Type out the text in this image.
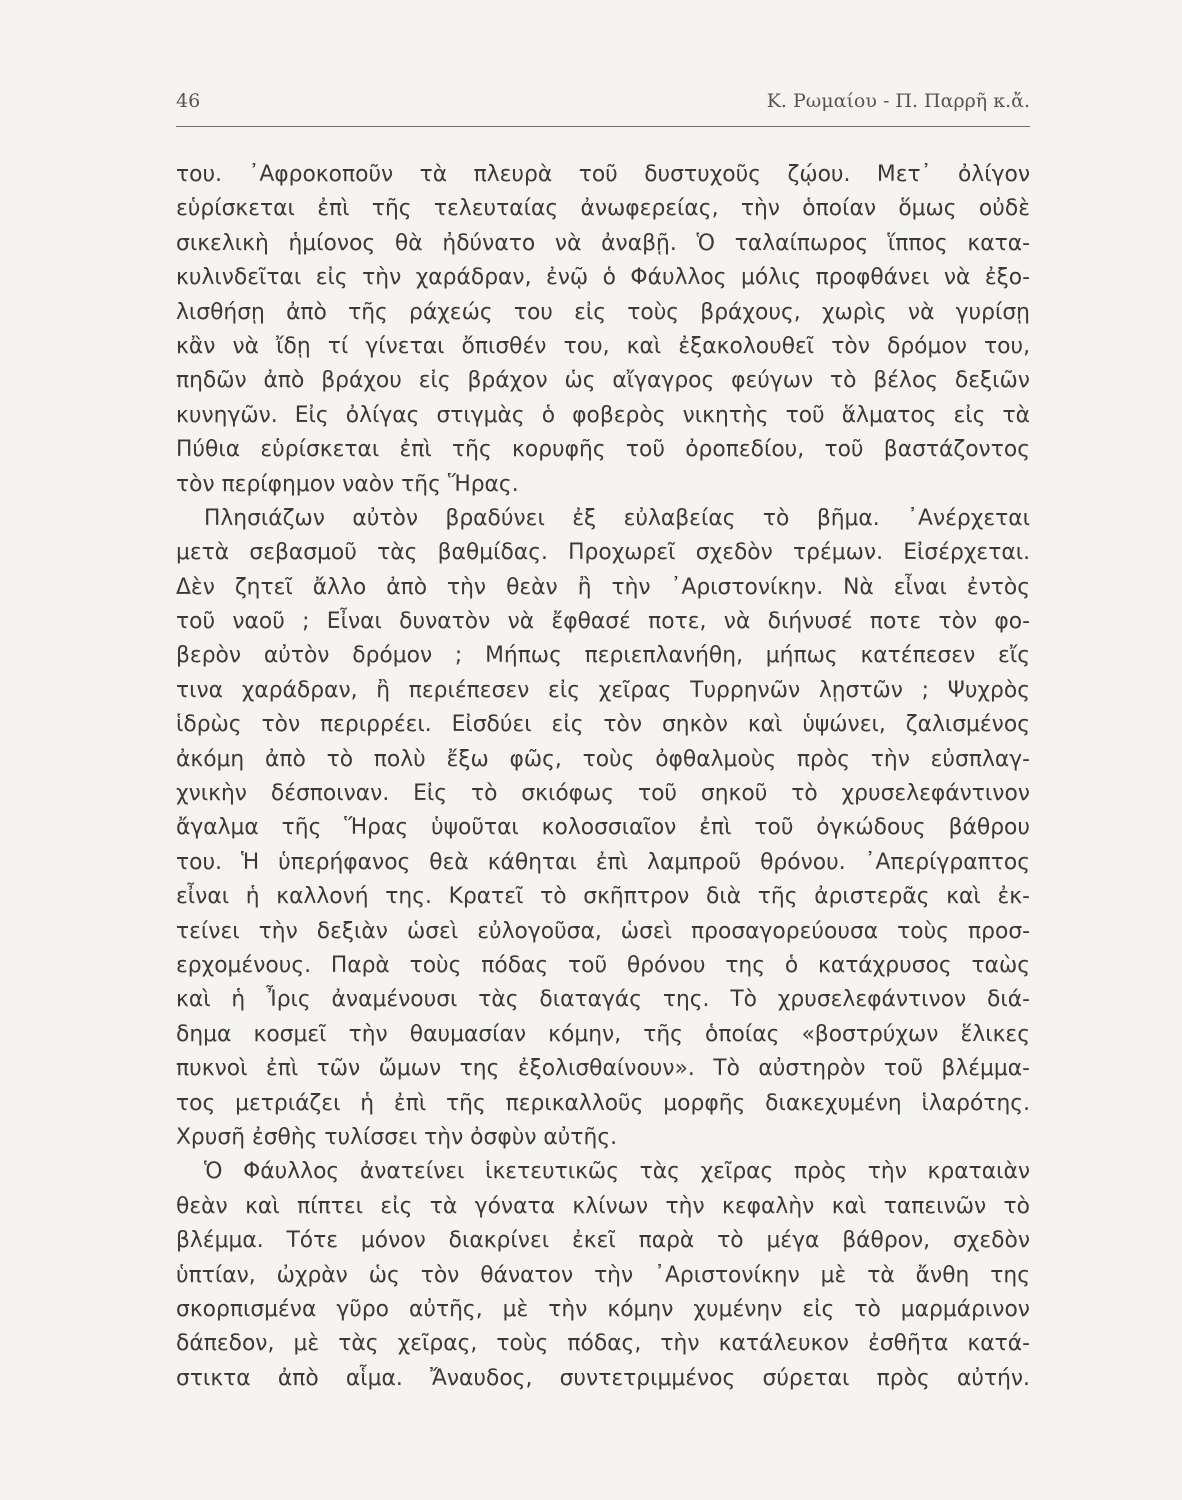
46	Κ. Ρωμαίου - Π. Παρρῆ κ.ἄ.
του. ᾿Αφροκοποῦν τὰ πλευρὰ τοῦ δυστυχοῦς ζῴου. Μετ᾿ ὀλίγον
εὑρίσκεται ἐπὶ τῆς τελευταίας ἀνωφερείας, τὴν ὁποίαν ὅμως οὐδὲ
σικελικὴ ἡμίονος θὰ ἠδύνατο νὰ ἀναβῇ. Ὁ ταλαίπωρος ἵππος κατα-
κυλινδεῖται εἰς τὴν χαράδραν, ἐνῷ ὁ Φάυλλος μόλις προφθάνει νὰ ἐξο-
λισθήσῃ ἀπὸ τῆς ράχεώς του εἰς τοὺς βράχους, χωρὶς νὰ γυρίσῃ
κἂν νὰ ἴδῃ τί γίνεται ὄπισθέν του, καὶ ἐξακολουθεῖ τὸν δρόμον του,
πηδῶν ἀπὸ βράχου εἰς βράχον ὡς αἴγαγρος φεύγων τὸ βέλος δεξιῶν
κυνηγῶν. Εἰς ὀλίγας στιγμὰς ὁ φοβερὸς νικητὴς τοῦ ἅλματος εἰς τὰ
Πύθια εὑρίσκεται ἐπὶ τῆς κορυφῆς τοῦ ὀροπεδίου, τοῦ βαστάζοντος
τὸν περίφημον ναὸν τῆς Ἥρας.
Πλησιάζων αὐτὸν βραδύνει ἐξ εὐλαβείας τὸ βῆμα. ᾿Ανέρχεται
μετὰ σεβασμοῦ τὰς βαθμίδας. Προχωρεῖ σχεδὸν τρέμων. Εἰσέρχεται.
Δὲν ζητεῖ ἄλλο ἀπὸ τὴν θεὰν ἢ τὴν ᾿Αριστονίκην. Νὰ εἶναι ἐντὸς
τοῦ ναοῦ ; Εἶναι δυνατὸν νὰ ἔφθασέ ποτε, νὰ διήνυσέ ποτε τὸν φο-
βερὸν αὐτὸν δρόμον ; Μήπως περιεπλανήθη, μήπως κατέπεσεν εἴς
τινα χαράδραν, ἢ περιέπεσεν εἰς χεῖρας Τυρρηνῶν λῃστῶν ; Ψυχρὸς
ἱδρὼς τὸν περιρρέει. Εἰσδύει εἰς τὸν σηκὸν καὶ ὑψώνει, ζαλισμένος
ἀκόμη ἀπὸ τὸ πολὺ ἔξω φῶς, τοὺς ὀφθαλμοὺς πρὸς τὴν εὐσπλαγ-
χνικὴν δέσποιναν. Εἰς τὸ σκιόφως τοῦ σηκοῦ τὸ χρυσελεφάντινον
ἄγαλμα τῆς Ἥρας ὑψοῦται κολοσσιαῖον ἐπὶ τοῦ ὀγκώδους βάθρου
του. Ἡ ὑπερήφανος θεὰ κάθηται ἐπὶ λαμπροῦ θρόνου. ᾿Απερίγραπτος
εἶναι ἡ καλλονή της. Κρατεῖ τὸ σκῆπτρον διὰ τῆς ἀριστερᾶς καὶ ἐκ-
τείνει τὴν δεξιὰν ὡσεὶ εὐλογοῦσα, ὡσεὶ προσαγορεύουσα τοὺς προσ-
ερχομένους. Παρὰ τοὺς πόδας τοῦ θρόνου της ὁ κατάχρυσος ταὼς
καὶ ἡ Ἶρις ἀναμένουσι τὰς διαταγάς της. Τὸ χρυσελεφάντινον διά-
δημα κοσμεῖ τὴν θαυμασίαν κόμην, τῆς ὁποίας «βοστρύχων ἕλικες
πυκνοὶ ἐπὶ τῶν ὤμων της ἐξολισθαίνουν». Τὸ αὐστηρὸν τοῦ βλέμμα-
τος μετριάζει ἡ ἐπὶ τῆς περικαλλοῦς μορφῆς διακεχυμένη ἱλαρότης.
Χρυσῆ ἐσθὴς τυλίσσει τὴν ὀσφὺν αὐτῆς.
Ὁ Φάυλλος ἀνατείνει ἱκετευτικῶς τὰς χεῖρας πρὸς τὴν κραταιὰν
θεὰν καὶ πίπτει εἰς τὰ γόνατα κλίνων τὴν κεφαλὴν καὶ ταπεινῶν τὸ
βλέμμα. Τότε μόνον διακρίνει ἐκεῖ παρὰ τὸ μέγα βάθρον, σχεδὸν
ὑπτίαν, ὠχρὰν ὡς τὸν θάνατον τὴν ᾿Αριστονίκην μὲ τὰ ἄνθη της
σκορπισμένα γῦρο αὐτῆς, μὲ τὴν κόμην χυμένην εἰς τὸ μαρμάρινον
δάπεδον, μὲ τὰς χεῖρας, τοὺς πόδας, τὴν κατάλευκον ἐσθῆτα κατά-
στικτα ἀπὸ αἷμα. Ἄναυδος, συντετριμμένος σύρεται πρὸς αὐτήν.
